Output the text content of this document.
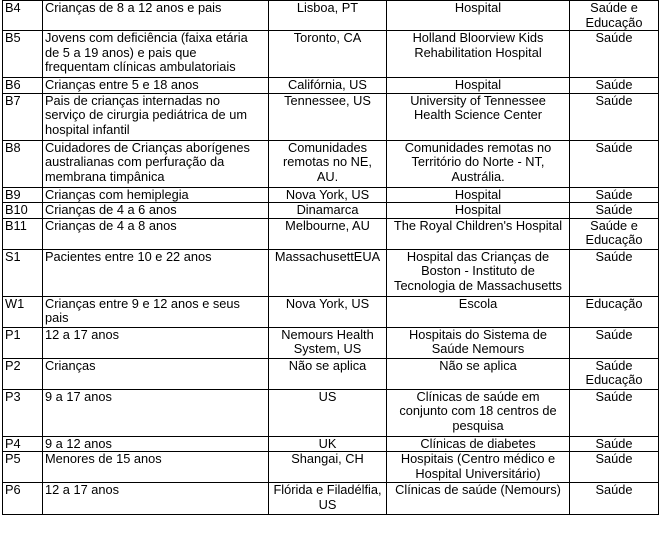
B4	Crianças de 8 a 12 anos e pais	Lisboa, PT	Hospital	Saúde e
Educação

B5	Jovens com deficiência (faixa etária
de 5 a 19 anos) e pais que
frequentam clínicas ambulatoriais	Toronto, CA	Holland Bloorview Kids
Rehabilitation Hospital	Saúde

B6	Crianças entre 5 e 18 anos	Califórnia, US	Hospital	Saúde

B7	Pais de crianças internadas no
serviço de cirurgia pediátrica de um
hospital infantil	Tennessee, US	University of Tennessee
Health Science Center	Saúde

B8	Cuidadores de Crianças aborígenes
australianas com perfuração da
membrana timpânica	Comunidades
remotas no NE,
AU.	Comunidades remotas no
Território do Norte - NT,
Austrália.	Saúde

B9	Crianças com hemiplegia	Nova York, US	Hospital	Saúde

B10	Crianças de 4 a 6 anos	Dinamarca	Hospital	Saúde

B11	Crianças de 4 a 8 anos	Melbourne, AU	The Royal Children's Hospital	Saúde e
Educação

S1	Pacientes entre 10 e 22 anos	MassachusettEUA	Hospital das Crianças de
Boston - Instituto de
Tecnologia de Massachusetts	Saúde

W1	Crianças entre 9 e 12 anos e seus
pais	Nova York, US	Escola	Educação

P1	12 a 17 anos	Nemours Health
System, US	Hospitais do Sistema de
Saúde Nemours	Saúde

P2	Crianças	Não se aplica	Não se aplica	Saúde
Educação

P3	9 a 17 anos	US	Clínicas de saúde em
conjunto com 18 centros de
pesquisa	Saúde

P4	9 a 12 anos	UK	Clínicas de diabetes	Saúde

P5	Menores de 15 anos	Shangai, CH	Hospitais (Centro médico e
Hospital Universitário)	Saúde

P6	12 a 17 anos	Flórida e Filadélfia,
US	Clínicas de saúde (Nemours)	Saúde
